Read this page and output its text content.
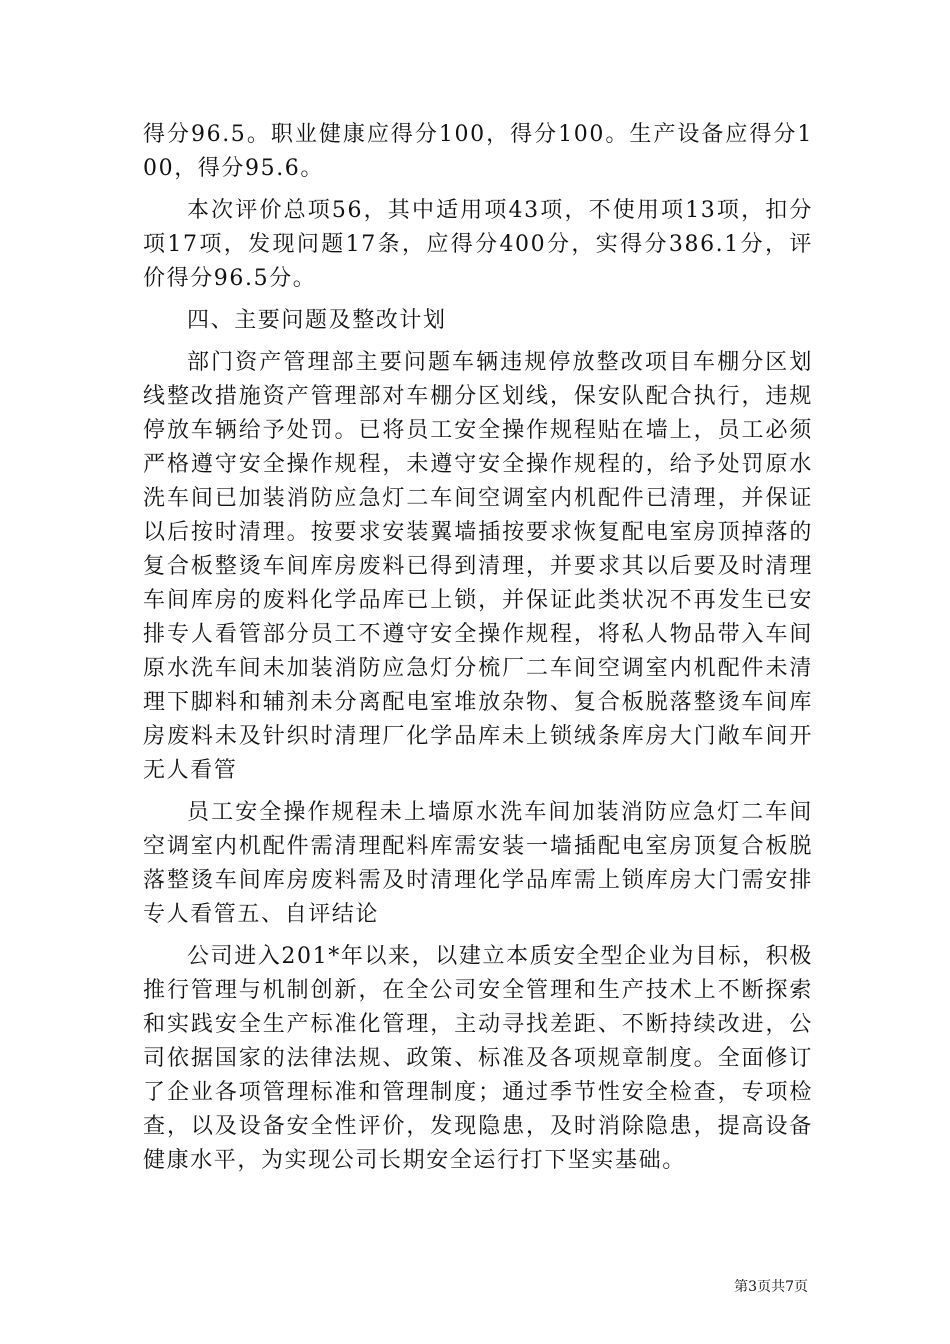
得分96.5。职业健康应得分100，得分100。生产设备应得分100，得分95.6。

本次评价总项56，其中适用项43项，不使用项13项，扣分项17项，发现问题17条，应得分400分，实得分386.1分，评价得分96.5分。

四、主要问题及整改计划

部门资产管理部主要问题车辆违规停放整改项目车棚分区划线整改措施资产管理部对车棚分区划线，保安队配合执行，违规停放车辆给予处罚。已将员工安全操作规程贴在墙上，员工必须严格遵守安全操作规程，未遵守安全操作规程的，给予处罚原水洗车间已加装消防应急灯二车间空调室内机配件已清理，并保证以后按时清理。按要求安装翼墙插按要求恢复配电室房顶掉落的复合板整烫车间库房废料已得到清理，并要求其以后要及时清理车间库房的废料化学品库已上锁，并保证此类状况不再发生已安排专人看管部分员工不遵守安全操作规程，将私人物品带入车间原水洗车间未加装消防应急灯分梳厂二车间空调室内机配件未清理下脚料和辅剂未分离配电室堆放杂物、复合板脱落整烫车间库房废料未及针织时清理厂化学品库未上锁绒条库房大门敞车间开无人看管

员工安全操作规程未上墙原水洗车间加装消防应急灯二车间空调室内机配件需清理配料库需安装一墙插配电室房顶复合板脱落整烫车间库房废料需及时清理化学品库需上锁库房大门需安排专人看管五、自评结论

公司进入201*年以来，以建立本质安全型企业为目标，积极推行管理与机制创新，在全公司安全管理和生产技术上不断探索和实践安全生产标准化管理，主动寻找差距、不断持续改进，公司依据国家的法律法规、政策、标准及各项规章制度。全面修订了企业各项管理标准和管理制度；通过季节性安全检查，专项检查，以及设备安全性评价，发现隐患，及时消除隐患，提高设备健康水平，为实现公司长期安全运行打下坚实基础。

第3页共7页
